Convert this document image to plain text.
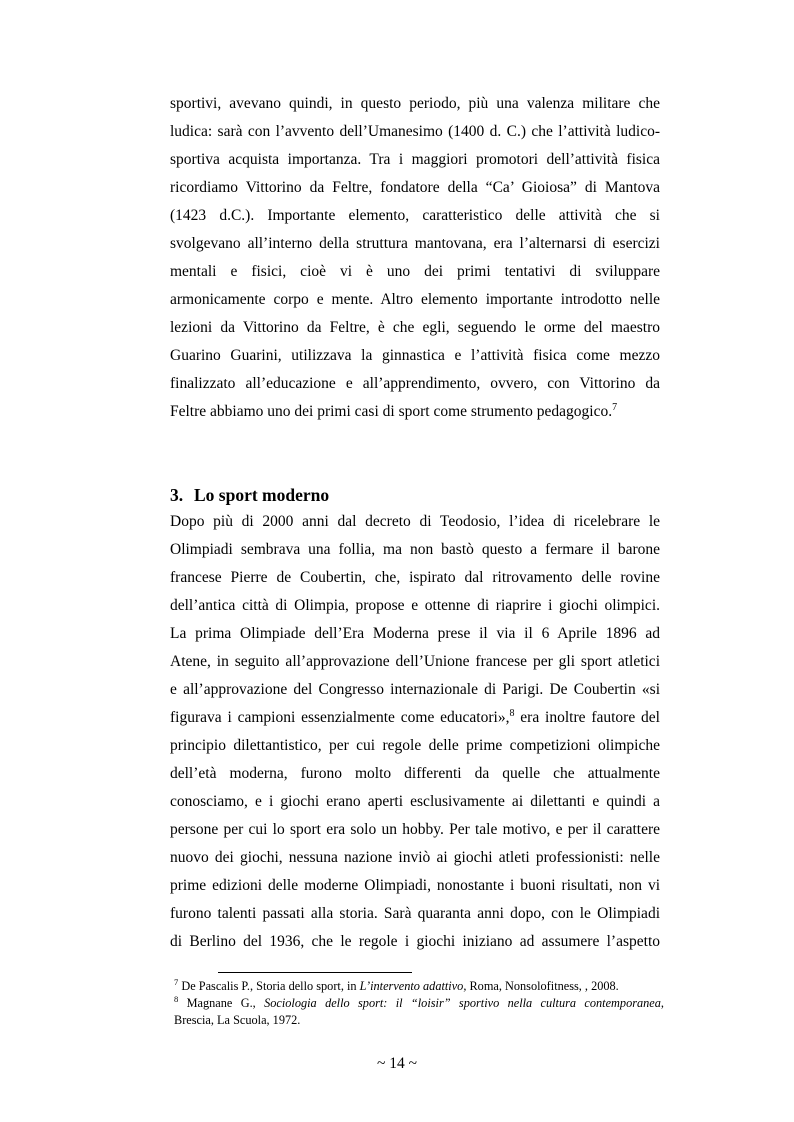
sportivi, avevano quindi, in questo periodo, più una valenza militare che
ludica: sarà con l’avvento dell’Umanesimo (1400 d. C.) che l’attività ludico-
sportiva acquista importanza. Tra i maggiori promotori dell’attività fisica
ricordiamo Vittorino da Feltre, fondatore della “Ca’ Gioiosa” di Mantova
(1423 d.C.). Importante elemento, caratteristico delle attività che si
svolgevano all’interno della struttura mantovana, era l’alternarsi di esercizi
mentali e fisici, cioè vi è uno dei primi tentativi di sviluppare
armonicamente corpo e mente. Altro elemento importante introdotto nelle
lezioni da Vittorino da Feltre, è che egli, seguendo le orme del maestro
Guarino Guarini, utilizzava la ginnastica e l’attività fisica come mezzo
finalizzato all’educazione e all’apprendimento, ovvero, con Vittorino da
Feltre abbiamo uno dei primi casi di sport come strumento pedagogico.$^7$
3. Lo sport moderno
Dopo più di 2000 anni dal decreto di Teodosio, l’idea di ricelebrare le
Olimpiadi sembrava una follia, ma non bastò questo a fermare il barone
francese Pierre de Coubertin, che, ispirato dal ritrovamento delle rovine
dell’antica città di Olimpia, propose e ottenne di riaprire i giochi olimpici.
La prima Olimpiade dell’Era Moderna prese il via il 6 Aprile 1896 ad
Atene, in seguito all’approvazione dell’Unione francese per gli sport atletici
e all’approvazione del Congresso internazionale di Parigi. De Coubertin «si
figurava i campioni essenzialmente come educatori»,$^8$ era inoltre fautore del
principio dilettantistico, per cui regole delle prime competizioni olimpiche
dell’età moderna, furono molto differenti da quelle che attualmente
conosciamo, e i giochi erano aperti esclusivamente ai dilettanti e quindi a
persone per cui lo sport era solo un hobby. Per tale motivo, e per il carattere
nuovo dei giochi, nessuna nazione inviò ai giochi atleti professionisti: nelle
prime edizioni delle moderne Olimpiadi, nonostante i buoni risultati, non vi
furono talenti passati alla storia. Sarà quaranta anni dopo, con le Olimpiadi
di Berlino del 1936, che le regole i giochi iniziano ad assumere l’aspetto
$^7$ De Pascalis P., Storia dello sport, in L’intervento adattivo, Roma, Nonsolofitness, , 2008.
$^8$ Magnane G., Sociologia dello sport: il “loisir” sportivo nella cultura contemporanea,
Brescia, La Scuola, 1972.
~ 14 ~
